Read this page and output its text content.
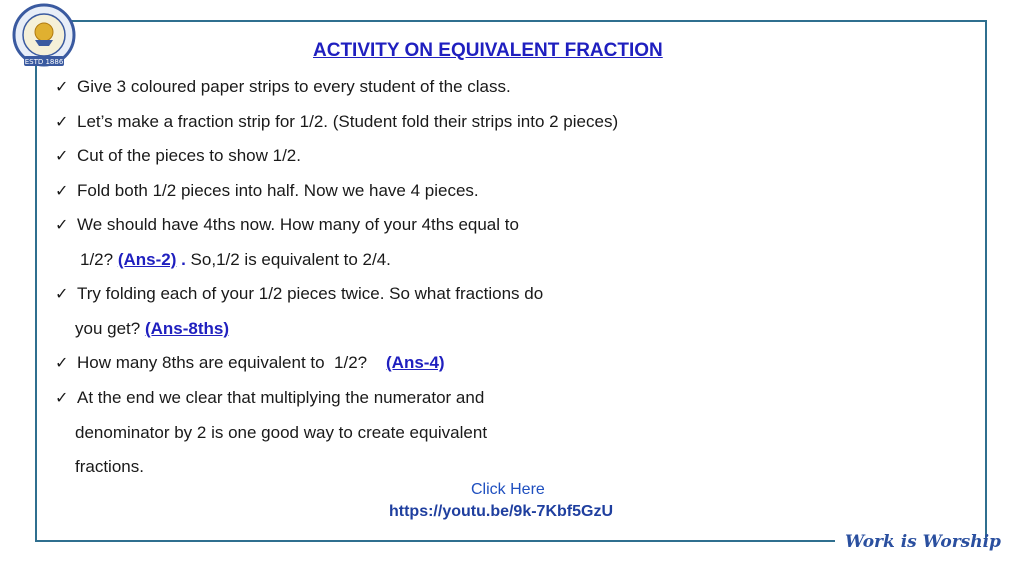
ESTD 1886
ACTIVITY ON EQUIVALENT FRACTION
✓ Give 3 coloured paper strips to every student of the class.
✓ Let’s make a fraction strip for 1/2. (Student fold their strips into 2 pieces)
✓ Cut of the pieces to show 1/2.
✓ Fold both 1/2 pieces into half. Now we have 4 pieces.
✓ We should have 4ths now. How many of your 4ths equal to
1/2? (Ans-2) . So,1/2 is equivalent to 2/4.
✓ Try folding each of your 1/2 pieces twice. So what fractions do
you get? (Ans-8ths)
✓ How many 8ths are equivalent to  1/2?    (Ans-4)
✓ At the end we clear that multiplying the numerator and
denominator by 2 is one good way to create equivalent
fractions.
Click Here
https://youtu.be/9k-7Kbf5GzU
Work is Worship
